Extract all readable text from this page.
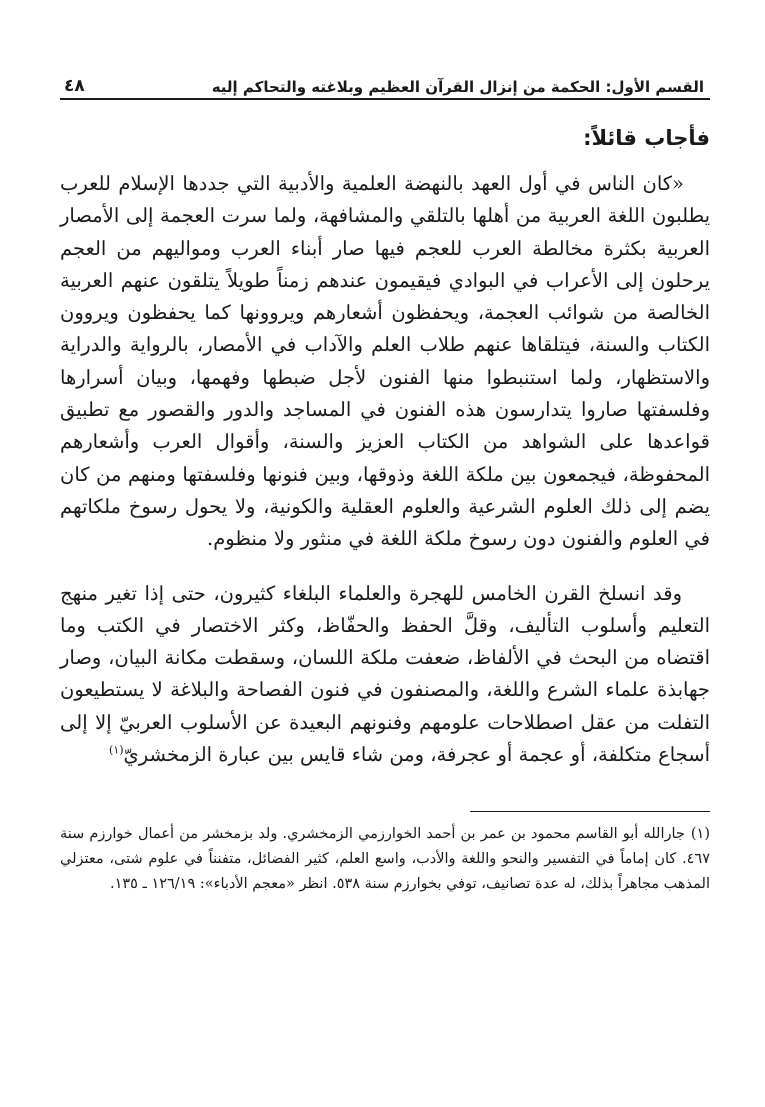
القسم الأول: الحكمة من إنزال القرآن العظيم وبلاغته والتحاكم إليه
٤٨
فأجاب قائلاً:

«كان الناس في أول العهد بالنهضة العلمية والأدبية التي جددها الإسلام للعرب يطلبون اللغة العربية من أهلها بالتلقي والمشافهة، ولما سرت العجمة إلى الأمصار العربية بكثرة مخالطة العرب للعجم فيها صار أبناء العرب ومواليهم من العجم يرحلون إلى الأعراب في البوادي فيقيمون عندهم زمناً طويلاً يتلقون عنهم العربية الخالصة من شوائب العجمة، ويحفظون أشعارهم ويروونها كما يحفظون ويروون الكتاب والسنة، فيتلقاها عنهم طلاب العلم والآداب في الأمصار، بالرواية والدراية والاستظهار، ولما استنبطوا منها الفنون لأجل ضبطها وفهمها، وبيان أسرارها وفلسفتها صاروا يتدارسون هذه الفنون في المساجد والدور والقصور مع تطبيق قواعدها على الشواهد من الكتاب العزيز والسنة، وأقوال العرب وأشعارهم المحفوظة، فيجمعون بين ملكة اللغة وذوقها، وبين فنونها وفلسفتها ومنهم من كان يضم إلى ذلك العلوم الشرعية والعلوم العقلية والكونية، ولا يحول رسوخ ملكاتهم في العلوم والفنون دون رسوخ ملكة اللغة في منثور ولا منظوم.

وقد انسلخ القرن الخامس للهجرة والعلماء البلغاء كثيرون، حتى إذا تغير منهج التعليم وأسلوب التأليف، وقلَّ الحفظ والحفّاظ، وكثر الاختصار في الكتب وما اقتضاه من البحث في الألفاظ، ضعفت ملكة اللسان، وسقطت مكانة البيان، وصار جهابذة علماء الشرع واللغة، والمصنفون في فنون الفصاحة والبلاغة لا يستطيعون التفلت من عقل اصطلاحات علومهم وفنونهم البعيدة عن الأسلوب العربيّ إلا إلى أسجاع متكلفة، أو عجمة أو عجرفة، ومن شاء قايس بين عبارة الزمخشريّ$^{(١)}$

(١)جارالله أبو القاسم محمود بن عمر بن أحمد الخوارزمي الزمخشري. ولد بزمخشر من أعمال خوارزم سنة ٤٦٧. كان إماماً في التفسير والنحو واللغة والأدب، واسع العلم، كثير الفضائل، متفنناً في علوم شتى، معتزلي المذهب مجاهراً بذلك، له عدة تصانيف، توفي بخوارزم سنة ٥٣٨. انظر «معجم الأدباء»: ١٢٦/١٩ ـ ١٣٥.
